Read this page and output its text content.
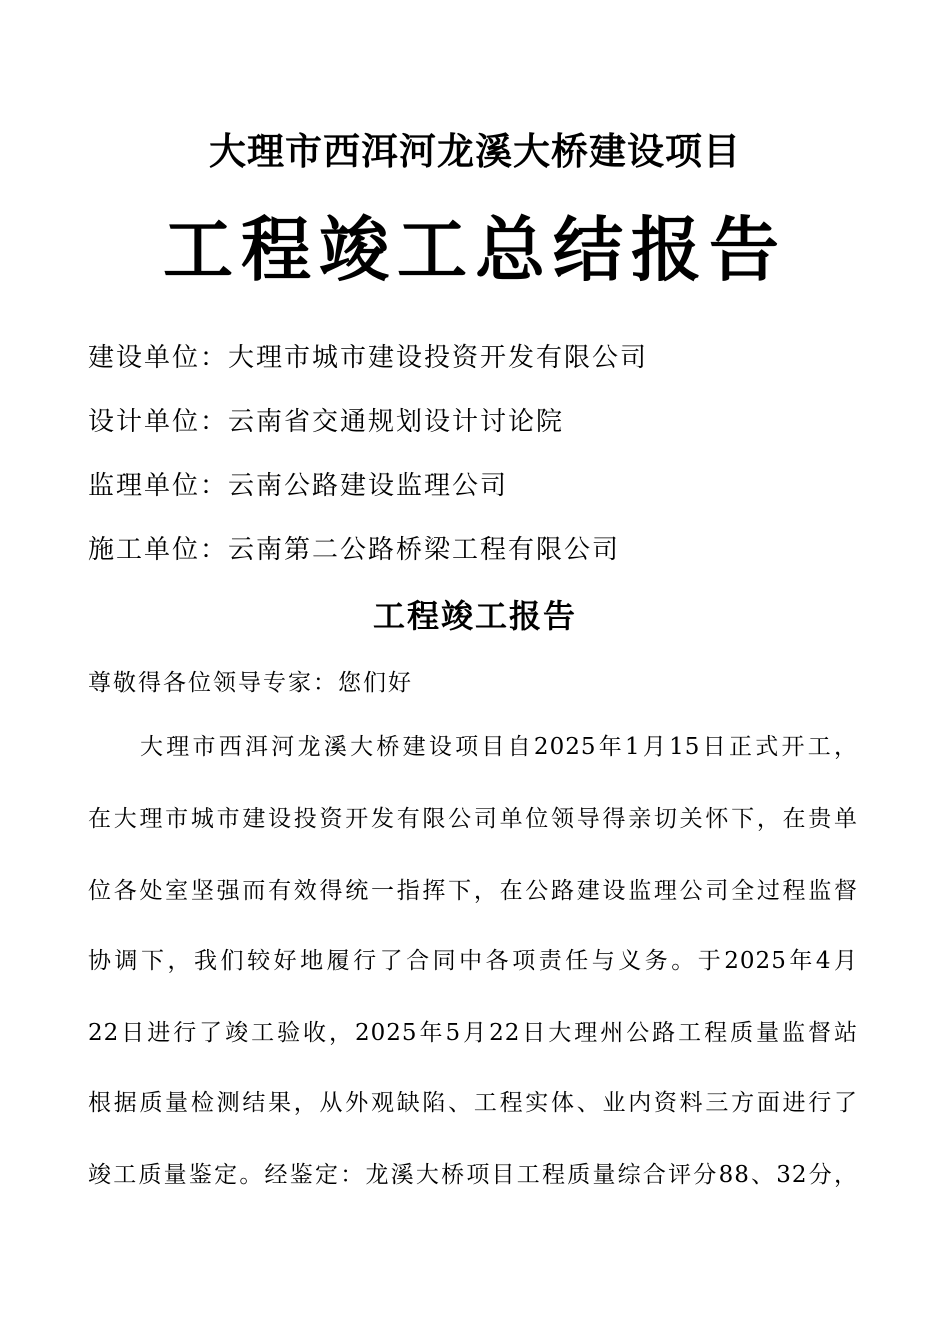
大理市西洱河龙溪大桥建设项目
工程竣工总结报告
建设单位：大理市城市建设投资开发有限公司
设计单位：云南省交通规划设计讨论院
监理单位：云南公路建设监理公司
施工单位：云南第二公路桥梁工程有限公司
工程竣工报告
尊敬得各位领导专家：您们好
大理市西洱河龙溪大桥建设项目自2025年1月15日正式开工，
在大理市城市建设投资开发有限公司单位领导得亲切关怀下，在贵单
位各处室坚强而有效得统一指挥下，在公路建设监理公司全过程监督
协调下，我们较好地履行了合同中各项责任与义务。于2025年4月
22日进行了竣工验收，2025年5月22日大理州公路工程质量监督站
根据质量检测结果，从外观缺陷、工程实体、业内资料三方面进行了
竣工质量鉴定。经鉴定：龙溪大桥项目工程质量综合评分88、32分，
